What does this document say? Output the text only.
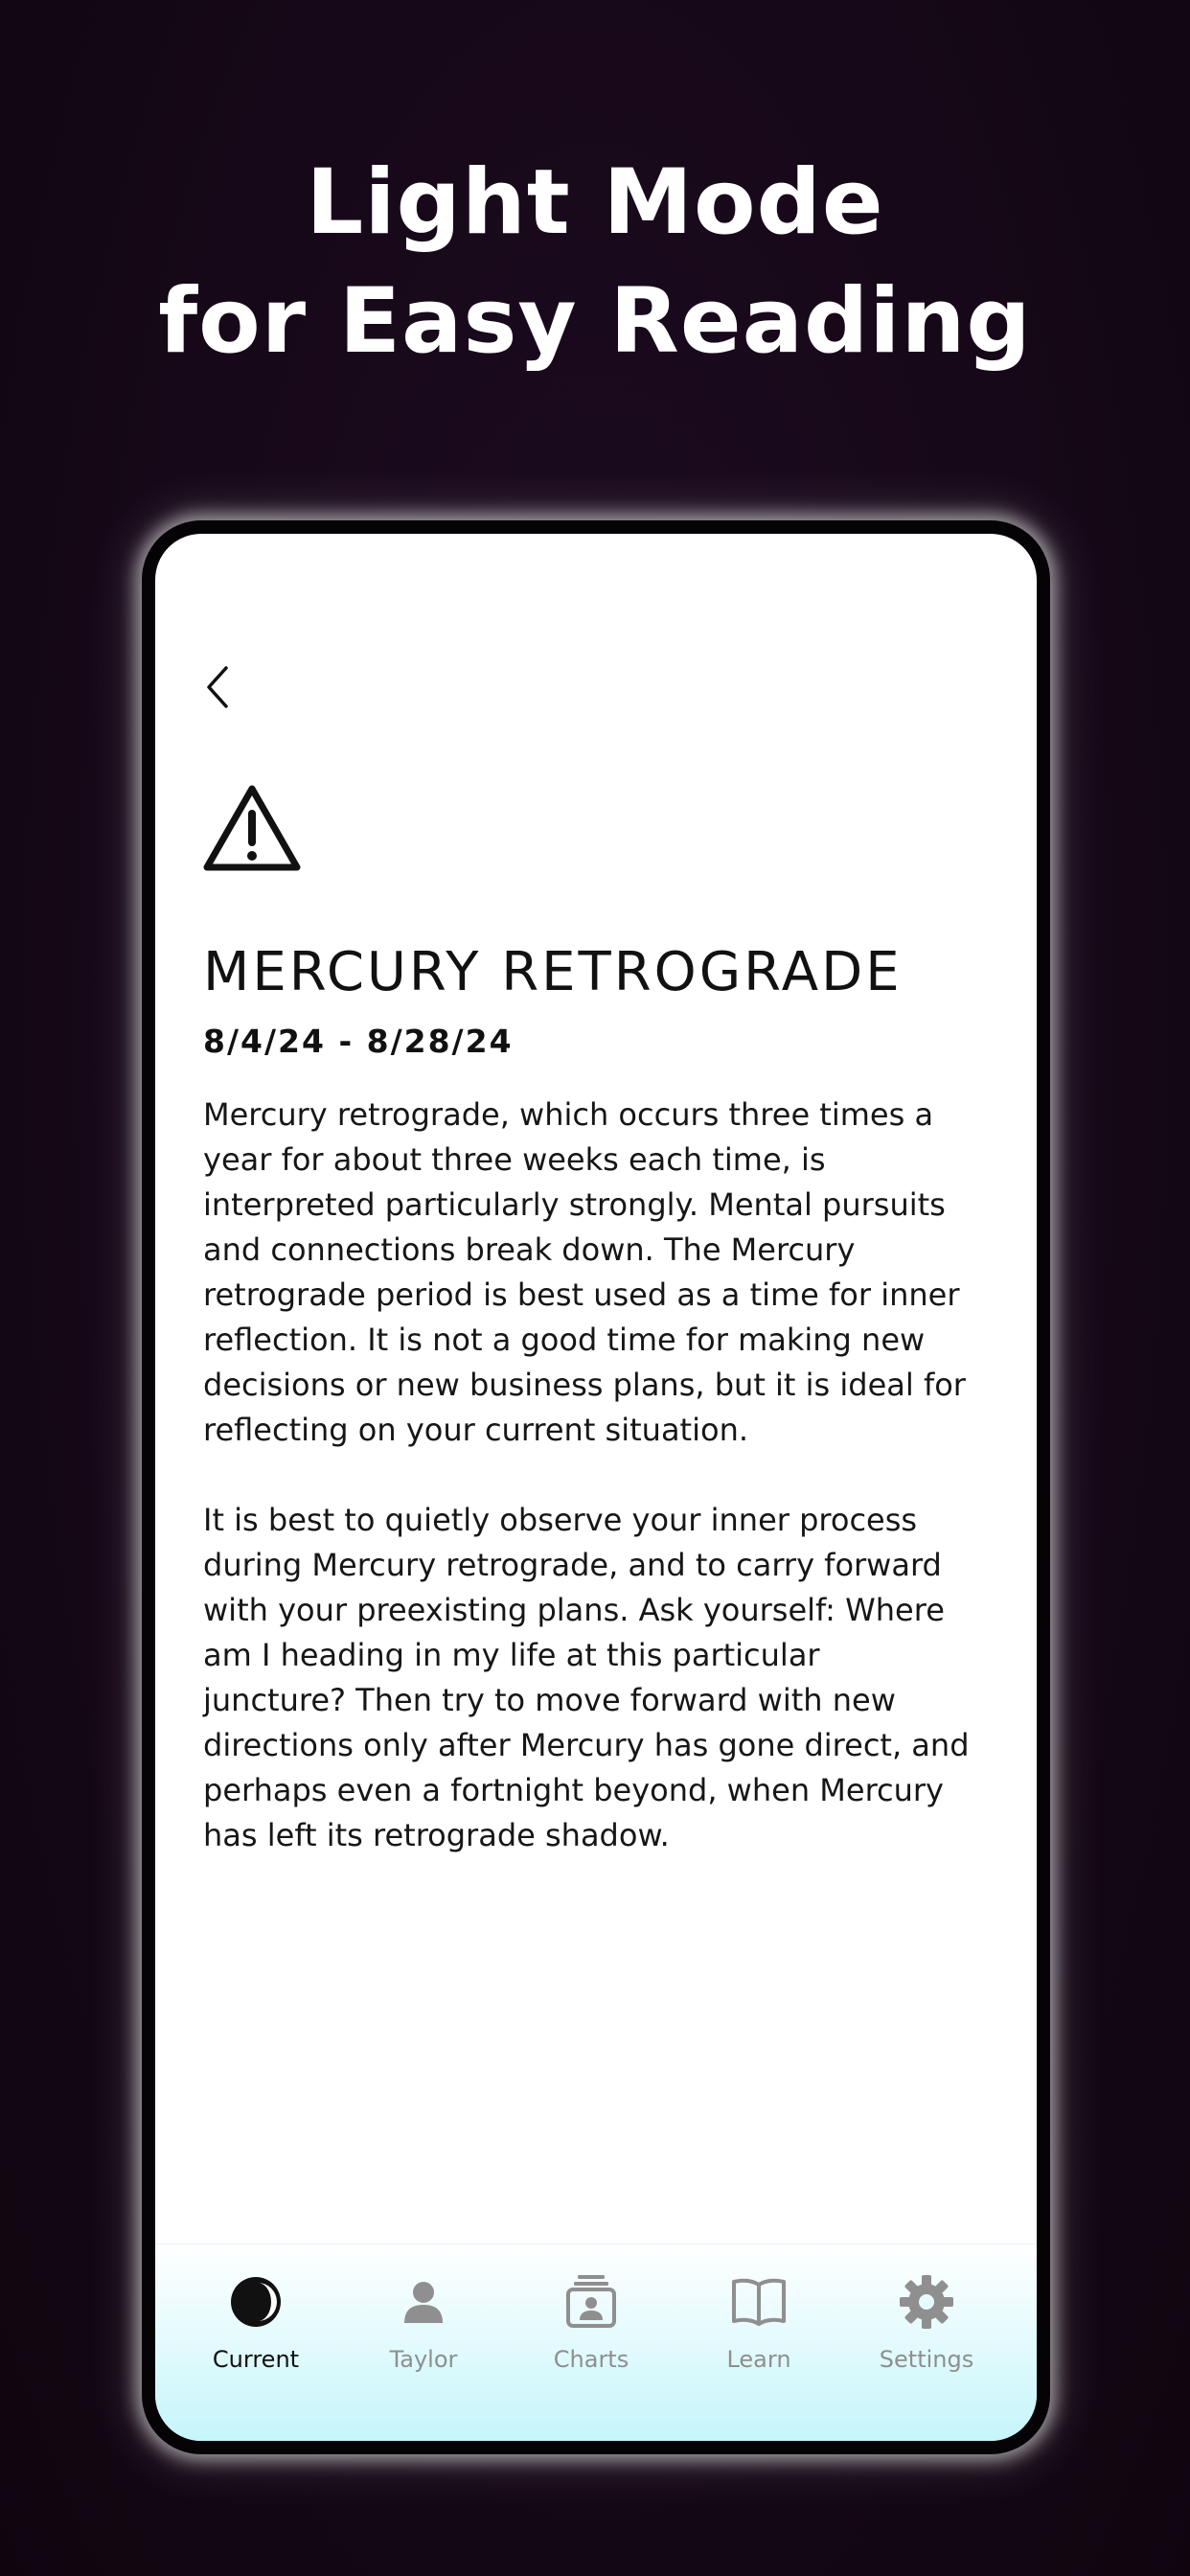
Light Mode
for Easy Reading
MERCURY RETROGRADE
8/4/24 - 8/28/24

Mercury retrograde, which occurs three times a year for about three weeks each time, is interpreted particularly strongly. Mental pursuits and connections break down. The Mercury retrograde period is best used as a time for inner reflection. It is not a good time for making new decisions or new business plans, but it is ideal for reflecting on your current situation.

It is best to quietly observe your inner process during Mercury retrograde, and to carry forward with your preexisting plans. Ask yourself: Where am I heading in my life at this particular juncture? Then try to move forward with new directions only after Mercury has gone direct, and perhaps even a fortnight beyond, when Mercury has left its retrograde shadow.

Current	Taylor	Charts	Learn	Settings
